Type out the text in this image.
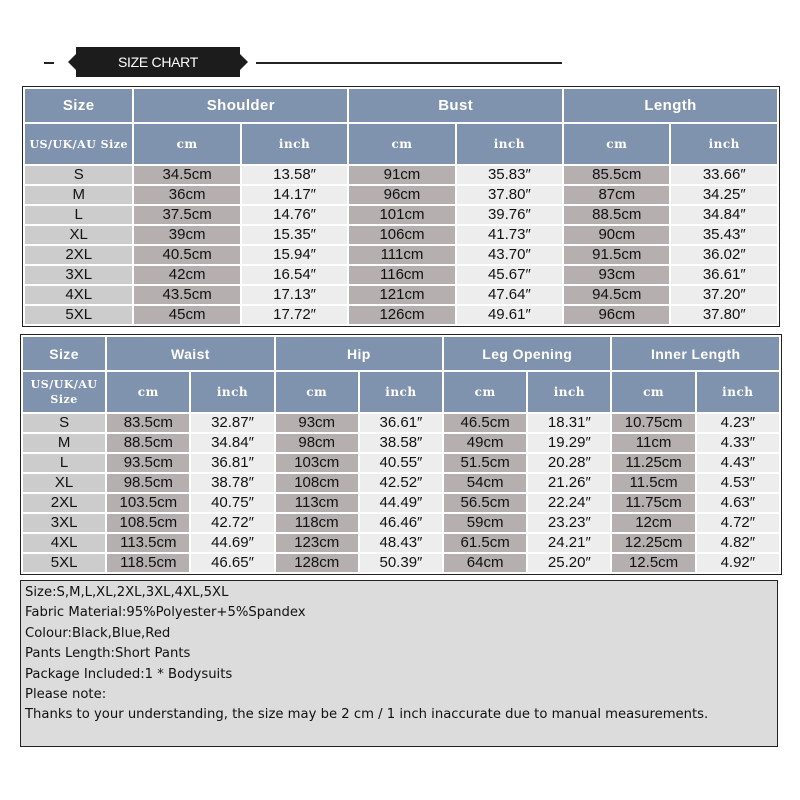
SIZE CHART
Size	Shoulder		Bust		Length	
US/UK/AU Size	cm	inch	cm	inch	cm	inch
S	34.5cm	13.58″	91cm	35.83″	85.5cm	33.66″
M	36cm	14.17″	96cm	37.80″	87cm	34.25″
L	37.5cm	14.76″	101cm	39.76″	88.5cm	34.84″
XL	39cm	15.35″	106cm	41.73″	90cm	35.43″
2XL	40.5cm	15.94″	111cm	43.70″	91.5cm	36.02″
3XL	42cm	16.54″	116cm	45.67″	93cm	36.61″
4XL	43.5cm	17.13″	121cm	47.64″	94.5cm	37.20″
5XL	45cm	17.72″	126cm	49.61″	96cm	37.80″
Size	Waist		Hip		Leg Opening		Inner Length	
US/UK/AU Size	cm	inch	cm	inch	cm	inch	cm	inch
S	83.5cm	32.87″	93cm	36.61″	46.5cm	18.31″	10.75cm	4.23″
M	88.5cm	34.84″	98cm	38.58″	49cm	19.29″	11cm	4.33″
L	93.5cm	36.81″	103cm	40.55″	51.5cm	20.28″	11.25cm	4.43″
XL	98.5cm	38.78″	108cm	42.52″	54cm	21.26″	11.5cm	4.53″
2XL	103.5cm	40.75″	113cm	44.49″	56.5cm	22.24″	11.75cm	4.63″
3XL	108.5cm	42.72″	118cm	46.46″	59cm	23.23″	12cm	4.72″
4XL	113.5cm	44.69″	123cm	48.43″	61.5cm	24.21″	12.25cm	4.82″
5XL	118.5cm	46.65″	128cm	50.39″	64cm	25.20″	12.5cm	4.92″
Size:S,M,L,XL,2XL,3XL,4XL,5XL
Fabric Material:95%Polyester+5%Spandex
Colour:Black,Blue,Red
Pants Length:Short Pants
Package Included:1 * Bodysuits
Please note:
Thanks to your understanding, the size may be 2 cm / 1 inch inaccurate due to manual measurements.
